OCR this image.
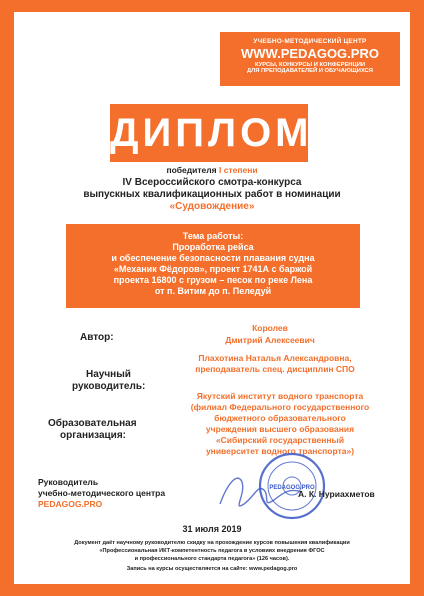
УЧЕБНО-МЕТОДИЧЕСКИЙ ЦЕНТР
WWW.PEDAGOG.PRO
КУРСЫ, КОНКУРСЫ И КОНФЕРЕНЦИИ
ДЛЯ ПРЕПОДАВАТЕЛЕЙ И ОБУЧАЮЩИХСЯ
ДИПЛОМ
победителя I степени
IV Всероссийского смотра-конкурса
выпускных квалификационных работ в номинации
«Судовождение»
Тема работы:
Проработка рейса
и обеспечение безопасности плавания судна
«Механик Фёдоров», проект 1741А с баржой
проекта 16800 с грузом – песок по реке Лена
от п. Витим до п. Пеледуй
Автор:
Королев
Дмитрий Алексеевич
Научный
руководитель:
Плахотина Наталья Александровна,
преподаватель спец. дисциплин СПО
Образовательная
организация:
Якутский институт водного транспорта
(филиал Федерального государственного
бюджетного образовательного
учреждения высшего образования
«Сибирский государственный
университет водного транспорта»)
PEDAGOG.PRO
Руководитель
учебно-методического центра
PEDAGOG.PRO
А. К. Нуриахметов
31 июля 2019
Документ даёт научному руководителю скидку на прохождение курсов повышения квалификации
«Профессиональная ИКТ-компетентность педагога в условиях внедрения ФГОС
и профессионального стандарта педагога» (126 часов).
Запись на курсы осуществляется на сайте: www.pedagog.pro
